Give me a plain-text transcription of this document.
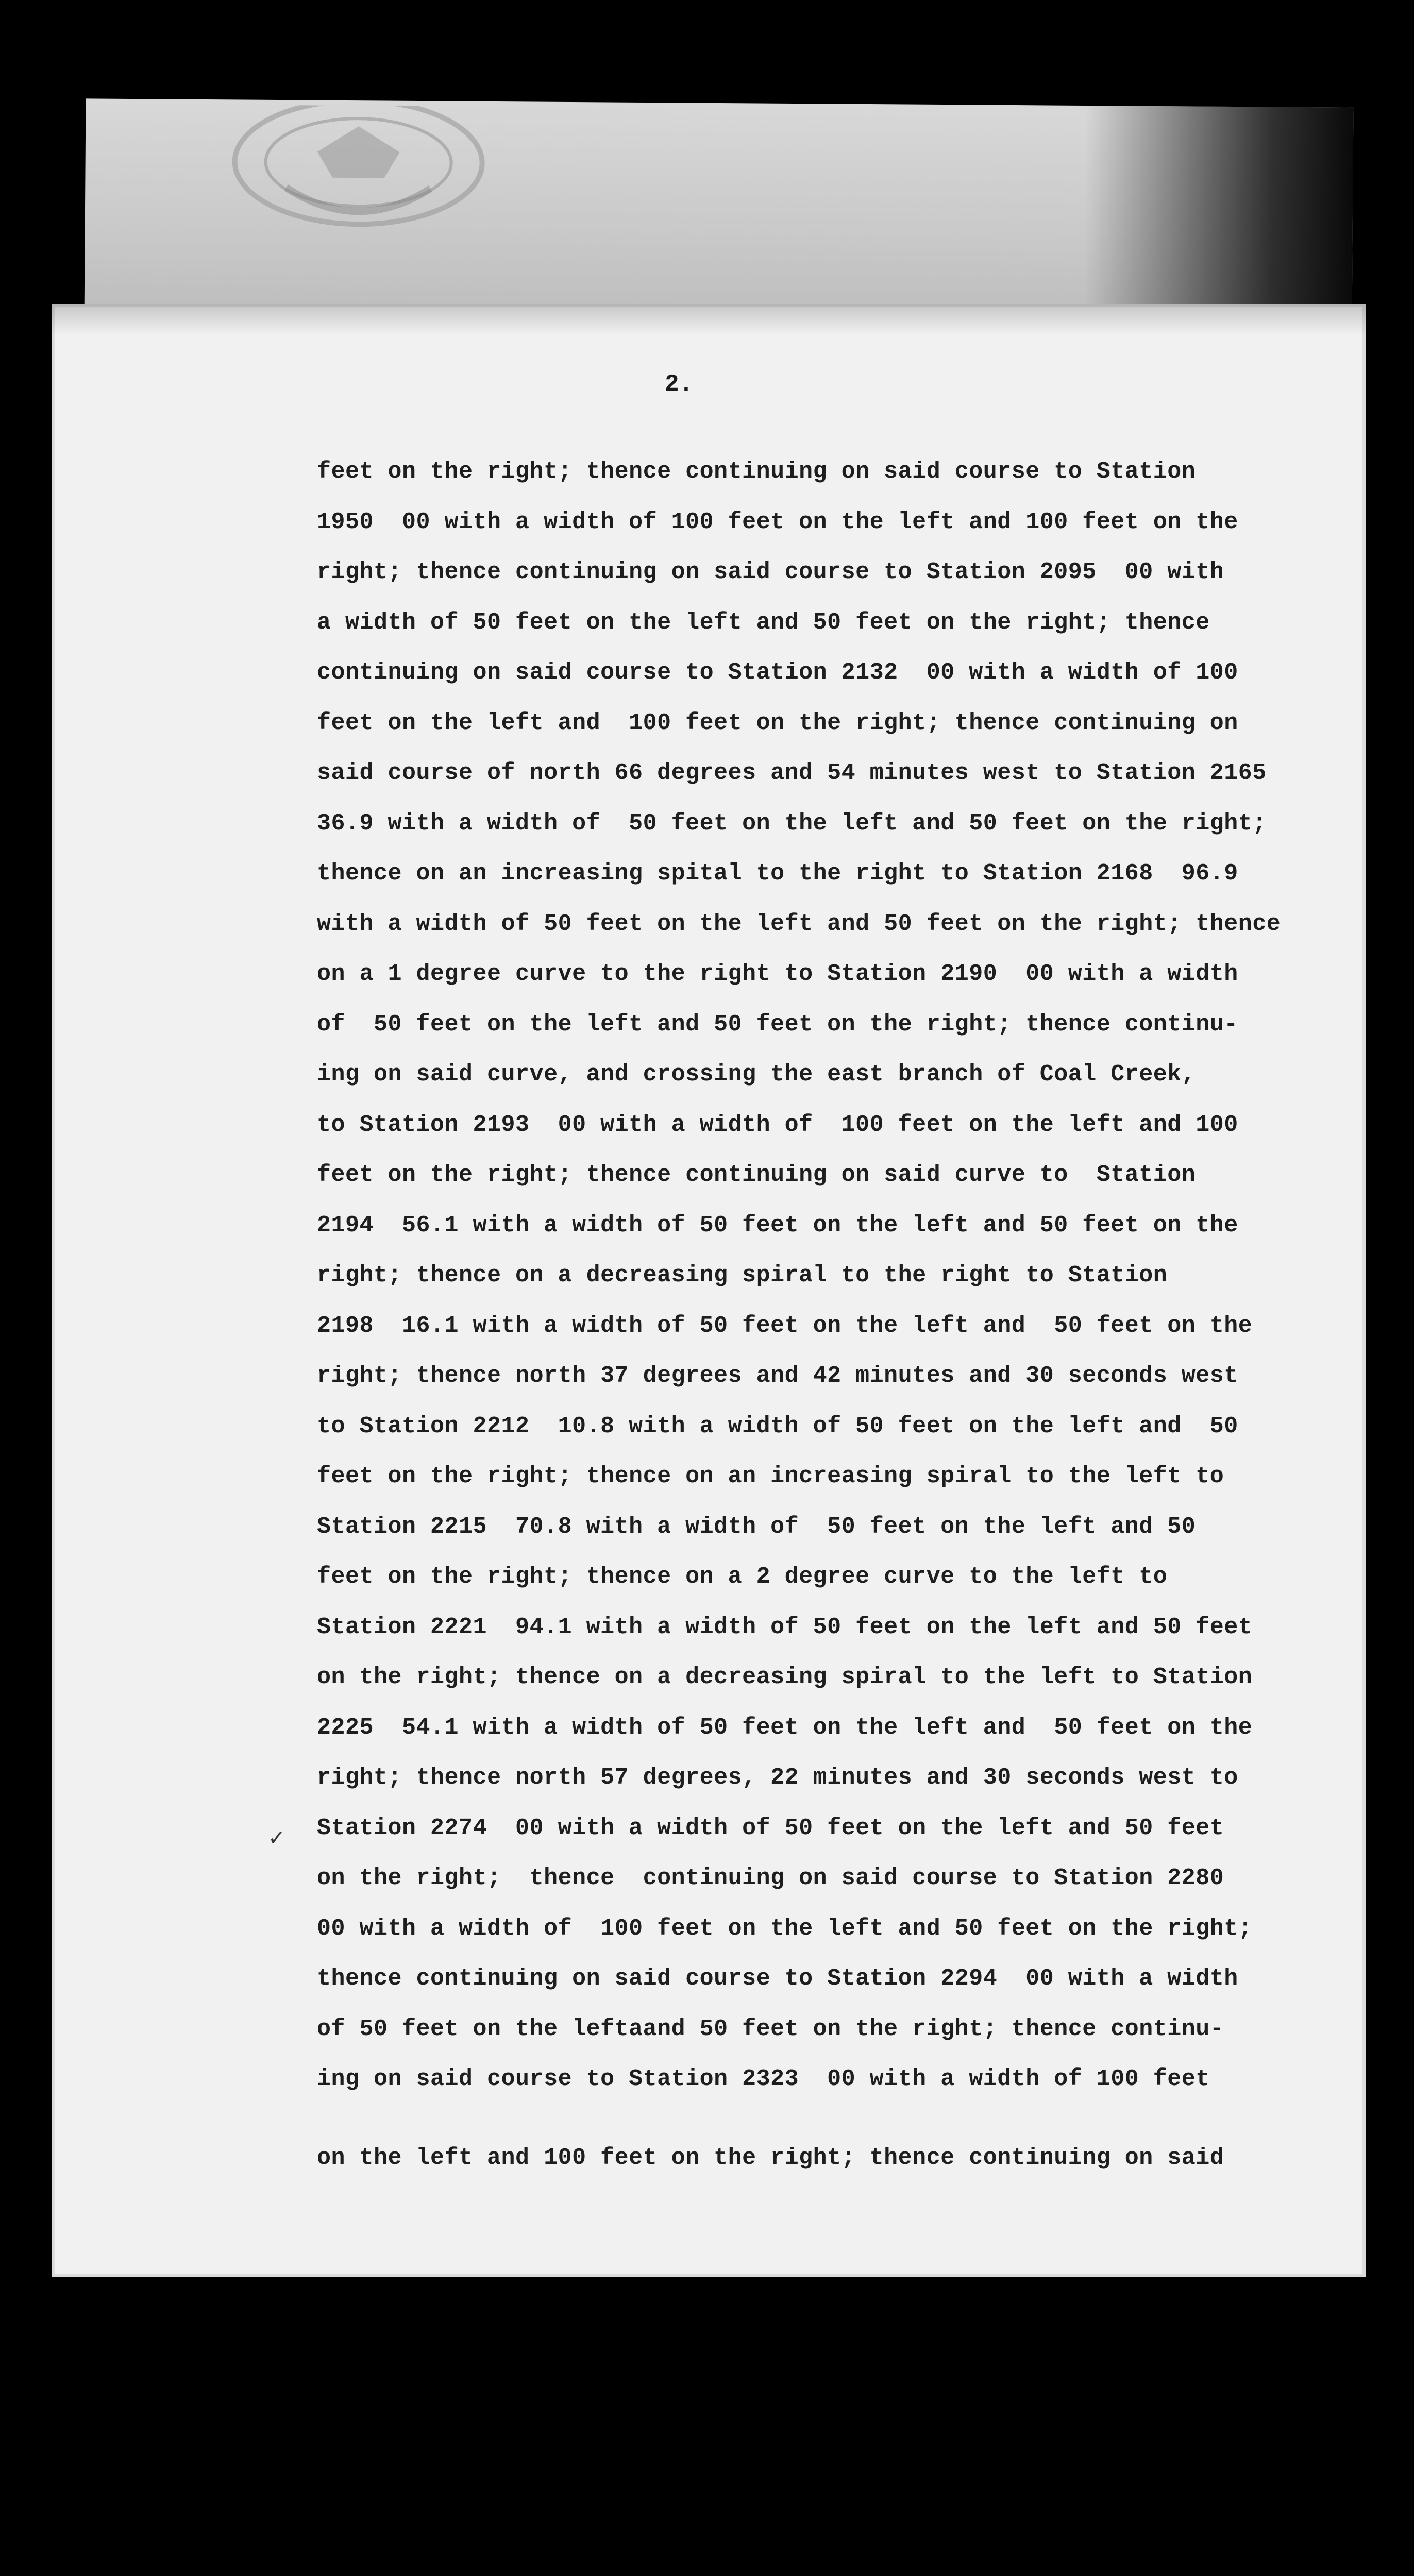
2.
✓
feet on the right; thence continuing on said course to Station
1950  00 with a width of 100 feet on the left and 100 feet on the
right; thence continuing on said course to Station 2095  00 with
a width of 50 feet on the left and 50 feet on the right; thence
continuing on said course to Station 2132  00 with a width of 100
feet on the left and  100 feet on the right; thence continuing on
said course of north 66 degrees and 54 minutes west to Station 2165
36.9 with a width of  50 feet on the left and 50 feet on the right;
thence on an increasing spital to the right to Station 2168  96.9
with a width of 50 feet on the left and 50 feet on the right; thence
on a 1 degree curve to the right to Station 2190  00 with a width
of  50 feet on the left and 50 feet on the right; thence continu-
ing on said curve, and crossing the east branch of Coal Creek,
to Station 2193  00 with a width of  100 feet on the left and 100
feet on the right; thence continuing on said curve to  Station
2194  56.1 with a width of 50 feet on the left and 50 feet on the
right; thence on a decreasing spiral to the right to Station
2198  16.1 with a width of 50 feet on the left and  50 feet on the
right; thence north 37 degrees and 42 minutes and 30 seconds west
to Station 2212  10.8 with a width of 50 feet on the left and  50
feet on the right; thence on an increasing spiral to the left to
Station 2215  70.8 with a width of  50 feet on the left and 50
feet on the right; thence on a 2 degree curve to the left to
Station 2221  94.1 with a width of 50 feet on the left and 50 feet
on the right; thence on a decreasing spiral to the left to Station
2225  54.1 with a width of 50 feet on the left and  50 feet on the
right; thence north 57 degrees, 22 minutes and 30 seconds west to
Station 2274  00 with a width of 50 feet on the left and 50 feet
on the right;  thence  continuing on said course to Station 2280
00 with a width of  100 feet on the left and 50 feet on the right;
thence continuing on said course to Station 2294  00 with a width
of 50 feet on the leftaand 50 feet on the right; thence continu-
ing on said course to Station 2323  00 with a width of 100 feet
on the left and 100 feet on the right; thence continuing on said
